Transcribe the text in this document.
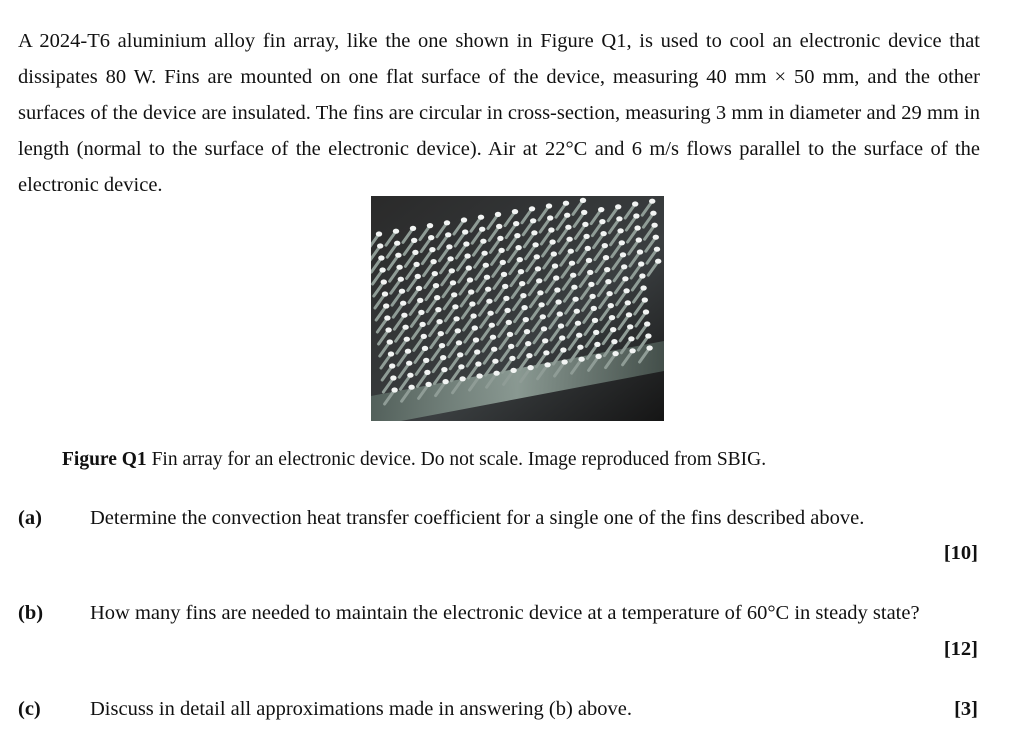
A 2024-T6 aluminium alloy fin array, like the one shown in Figure Q1, is used to cool an electronic device that dissipates 80 W. Fins are mounted on one flat surface of the device, measuring 40 mm × 50 mm, and the other surfaces of the device are insulated. The fins are circular in cross-section, measuring 3 mm in diameter and 29 mm in length (normal to the surface of the electronic device). Air at 22°C and 6 m/s flows parallel to the surface of the electronic device.

Figure Q1 Fin array for an electronic device. Do not scale. Image reproduced from SBIG.
(a) Determine the convection heat transfer coefficient for a single one of the fins described above.
[10]
(b) How many fins are needed to maintain the electronic device at a temperature of 60°C in steady state?
[12]
(c) Discuss in detail all approximations made in answering (b) above.	[3]
